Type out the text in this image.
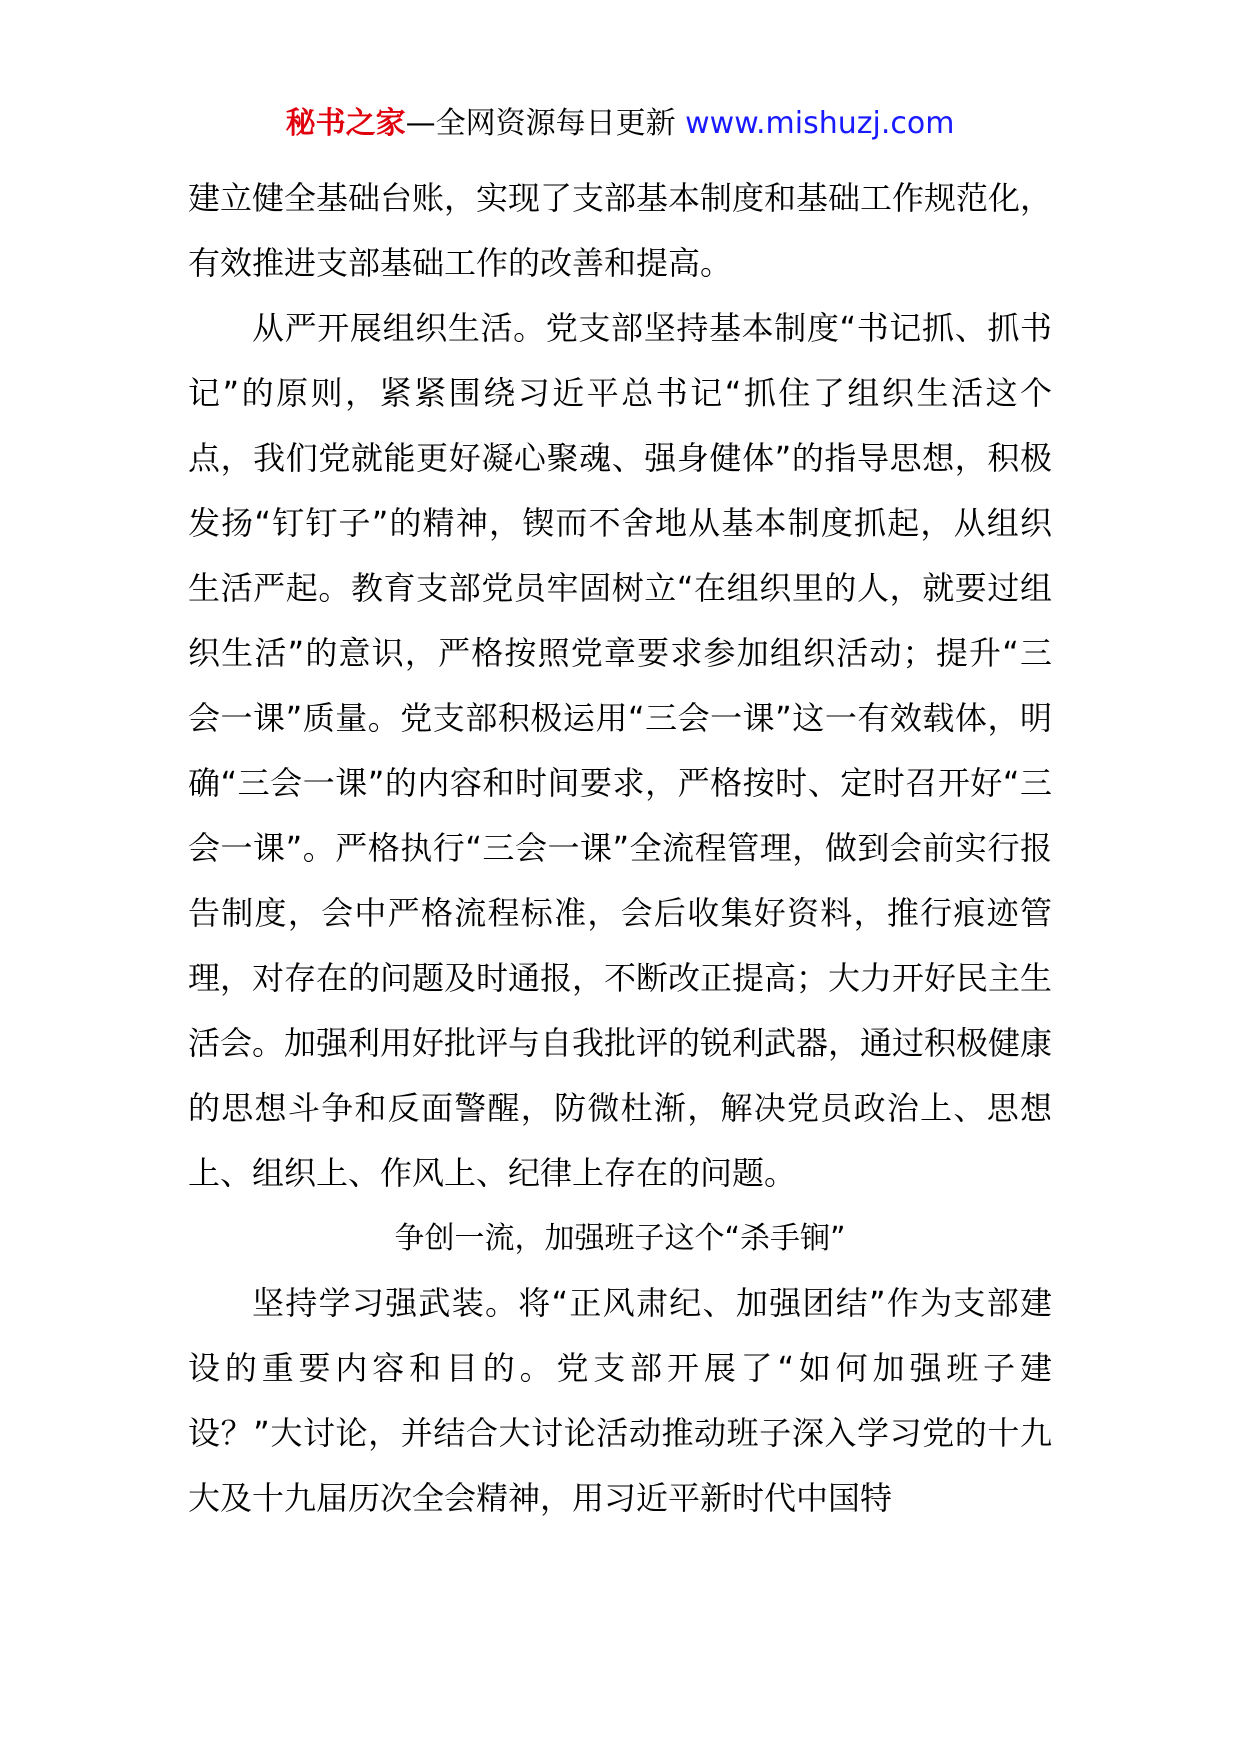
秘书之家—全网资源每日更新 www.mishuzj.com

建立健全基础台账，实现了支部基本制度和基础工作规范化，有效推进支部基础工作的改善和提高。

从严开展组织生活。党支部坚持基本制度“书记抓、抓书记”的原则，紧紧围绕习近平总书记“抓住了组织生活这个点，我们党就能更好凝心聚魂、强身健体”的指导思想，积极发扬“钉钉子”的精神，锲而不舍地从基本制度抓起，从组织生活严起。教育支部党员牢固树立“在组织里的人，就要过组织生活”的意识，严格按照党章要求参加组织活动；提升“三会一课”质量。党支部积极运用“三会一课”这一有效载体，明确“三会一课”的内容和时间要求，严格按时、定时召开好“三会一课”。严格执行“三会一课”全流程管理，做到会前实行报告制度，会中严格流程标准，会后收集好资料，推行痕迹管理，对存在的问题及时通报，不断改正提高；大力开好民主生活会。加强利用好批评与自我批评的锐利武器，通过积极健康的思想斗争和反面警醒，防微杜渐，解决党员政治上、思想上、组织上、作风上、纪律上存在的问题。

争创一流，加强班子这个“杀手锏”

坚持学习强武装。将“正风肃纪、加强团结”作为支部建设的重要内容和目的。党支部开展了“如何加强班子建设？”大讨论，并结合大讨论活动推动班子深入学习党的十九大及十九届历次全会精神，用习近平新时代中国特
